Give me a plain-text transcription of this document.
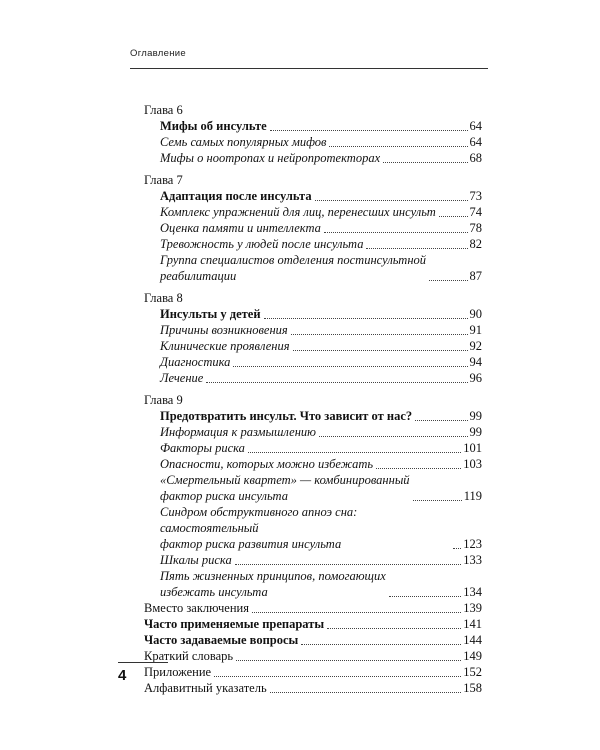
Оглавление
Глава 6
Мифы об инсульте	64
Семь самых популярных мифов	64
Мифы о ноотропах и нейропротекторах	68
Глава 7
Адаптация после инсульта	73
Комплекс упражнений для лиц, перенесших инсульт	74
Оценка памяти и интеллекта	78
Тревожность у людей после инсульта	82
Группа специалистов отделения постинсультной
реабилитации	87
Глава 8
Инсульты у детей	90
Причины возникновения	91
Клинические проявления	92
Диагностика	94
Лечение	96
Глава 9
Предотвратить инсульт. Что зависит от нас?	99
Информация к размышлению	99
Факторы риска	101
Опасности, которых можно избежать	103
«Смертельный квартет» — комбинированный
фактор риска инсульта	119
Синдром обструктивного апноэ сна: самостоятельный
фактор риска развития инсульта	123
Шкалы риска	133
Пять жизненных принципов, помогающих
избежать инсульта	134
Вместо заключения	139
Часто применяемые препараты	141
Часто задаваемые вопросы	144
Краткий словарь	149
Приложение	152
Алфавитный указатель	158
4
